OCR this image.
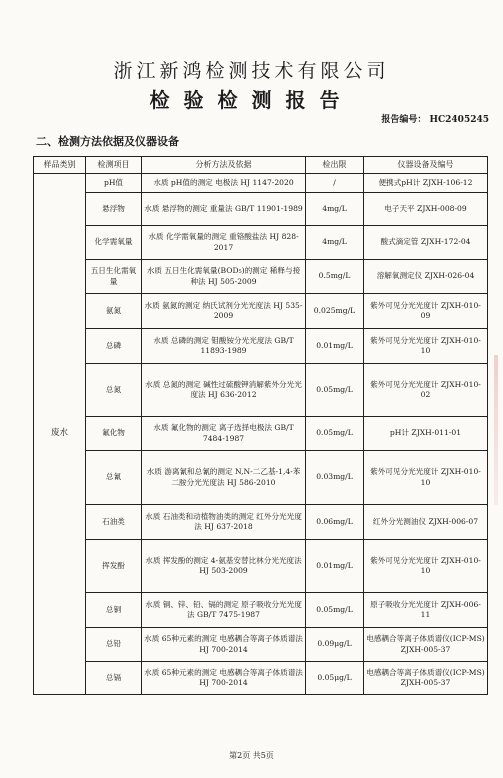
浙江新鸿检测技术有限公司
检验检测报告
报告编号： HC2405245
二、检测方法依据及仪器设备
样品类别	检测项目	分析方法及依据	检出限	仪器设备及编号
废水	pH值	水质 pH值的测定 电极法 HJ 1147-2020	/	便携式pH计 ZJXH-106-12
	悬浮物	水质 悬浮物的测定 重量法 GB/T 11901-1989	4mg/L	电子天平 ZJXH-008-09
	化学需氧量	水质 化学需氧量的测定 重铬酸盐法 HJ 828-2017	4mg/L	酸式滴定管 ZJXH-172-04
	五日生化需氧量	水质 五日生化需氧量(BOD₅)的测定 稀释与接种法 HJ 505-2009	0.5mg/L	溶解氧测定仪 ZJXH-026-04
	氨氮	水质 氨氮的测定 纳氏试剂分光光度法 HJ 535-2009	0.025mg/L	紫外可见分光光度计 ZJXH-010-09
	总磷	水质 总磷的测定 钼酸铵分光光度法 GB/T 11893-1989	0.01mg/L	紫外可见分光光度计 ZJXH-010-10
	总氮	水质 总氮的测定 碱性过硫酸钾消解紫外分光光度法 HJ 636-2012	0.05mg/L	紫外可见分光光度计 ZJXH-010-02
	氟化物	水质 氟化物的测定 离子选择电极法 GB/T 7484-1987	0.05mg/L	pH计 ZJXH-011-01
	总氰	水质 游离氰和总氰的测定 N,N-二乙基-1,4-苯二胺分光光度法 HJ 586-2010	0.03mg/L	紫外可见分光光度计 ZJXH-010-10
	石油类	水质 石油类和动植物油类的测定 红外分光光度法 HJ 637-2018	0.06mg/L	红外分光测油仪 ZJXH-006-07
	挥发酚	水质 挥发酚的测定 4-氨基安替比林分光光度法 HJ 503-2009	0.01mg/L	紫外可见分光光度计 ZJXH-010-10
	总铜	水质 铜、锌、铅、镉的测定 原子吸收分光光度法 GB/T 7475-1987	0.05mg/L	原子吸收分光光度计 ZJXH-006-11
	总铅	水质 65种元素的测定 电感耦合等离子体质谱法 HJ 700-2014	0.09μg/L	电感耦合等离子体质谱仪(ICP-MS) ZJXH-005-37
	总镉	水质 65种元素的测定 电感耦合等离子体质谱法 HJ 700-2014	0.05μg/L	电感耦合等离子体质谱仪(ICP-MS) ZJXH-005-37
第2页 共5页
